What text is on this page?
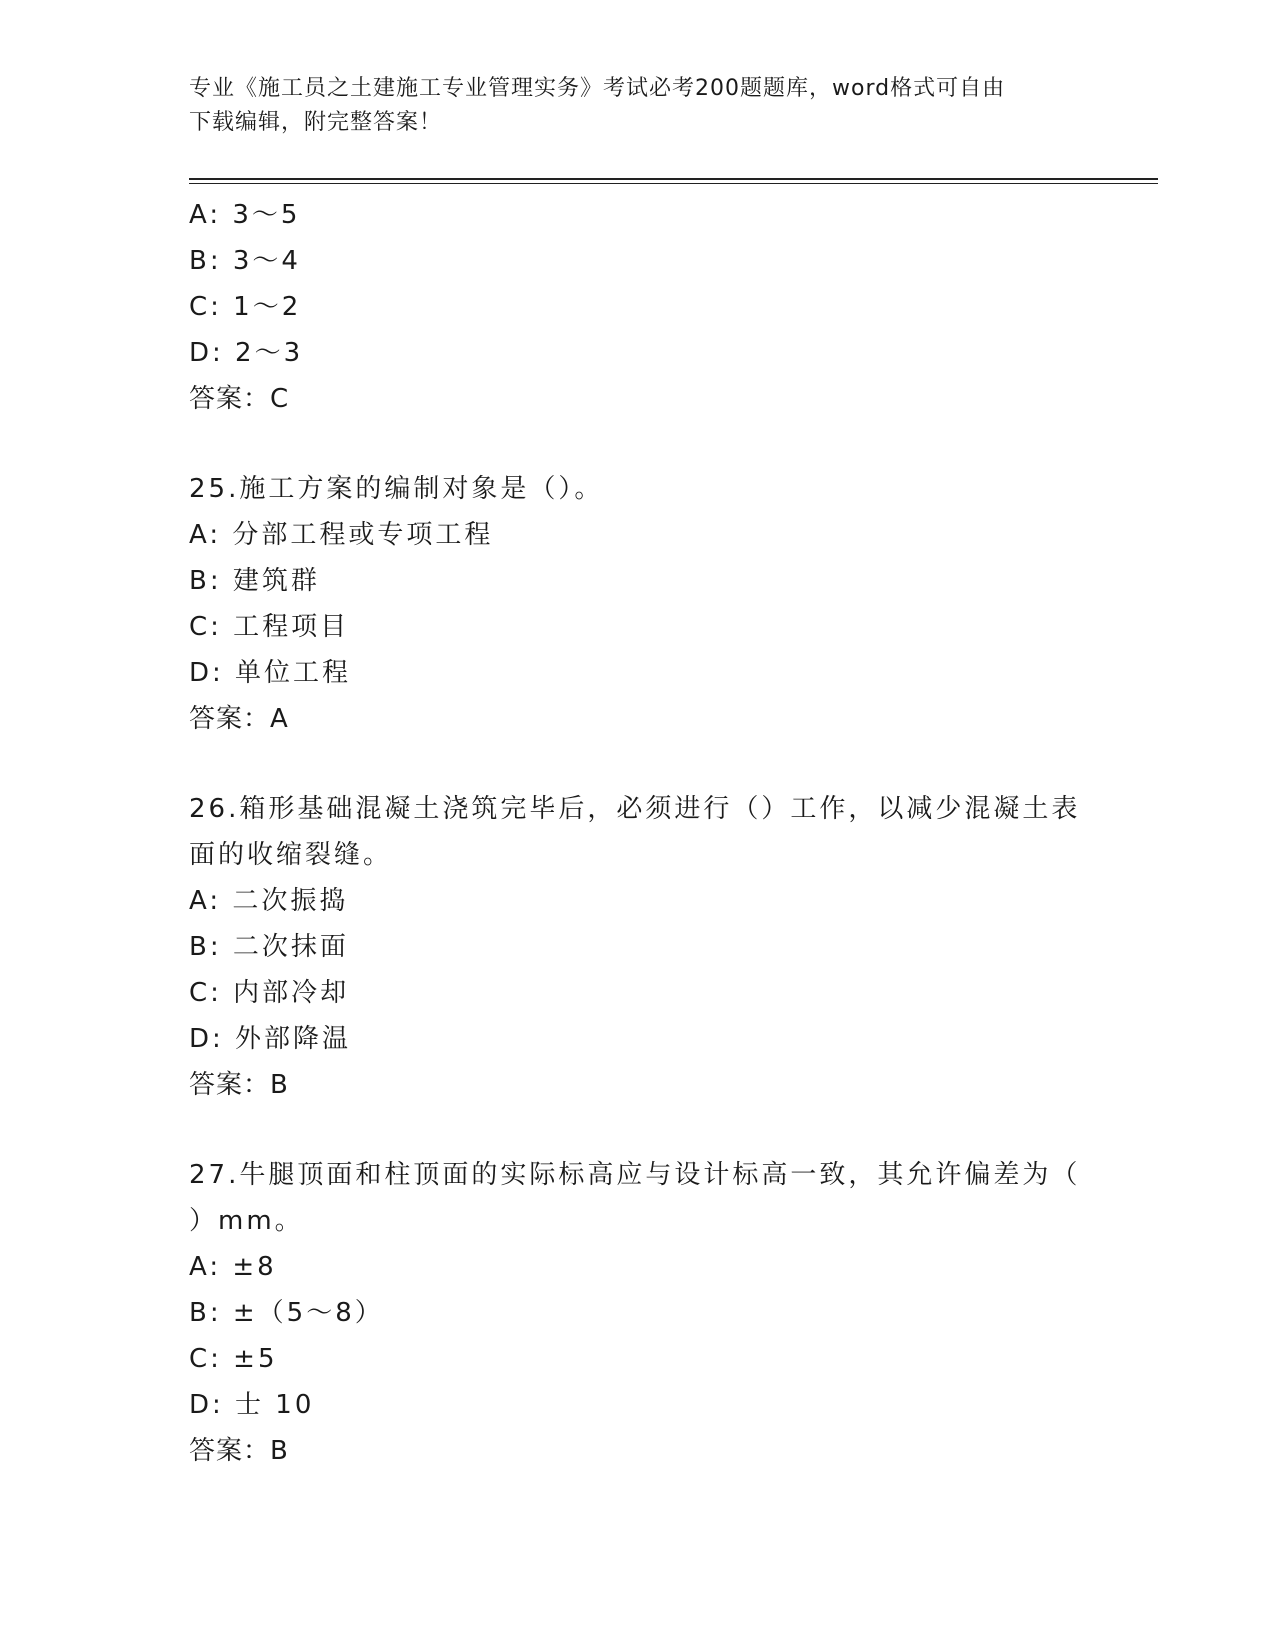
专业《施工员之土建施工专业管理实务》考试必考200题题库，word格式可自由
下载编辑，附完整答案！
A: 3～5
B: 3～4
C: 1～2
D: 2～3
答案：C
25.施工方案的编制对象是（）。
A: 分部工程或专项工程
B: 建筑群
C: 工程项目
D: 单位工程
答案：A
26.箱形基础混凝土浇筑完毕后，必须进行（）工作，以减少混凝土表
面的收缩裂缝。
A: 二次振捣
B: 二次抹面
C: 内部冷却
D: 外部降温
答案：B
27.牛腿顶面和柱顶面的实际标高应与设计标高一致，其允许偏差为（
）mm。
A: ±8
B: ±（5～8）
C: ±5
D: 士 10
答案：B
